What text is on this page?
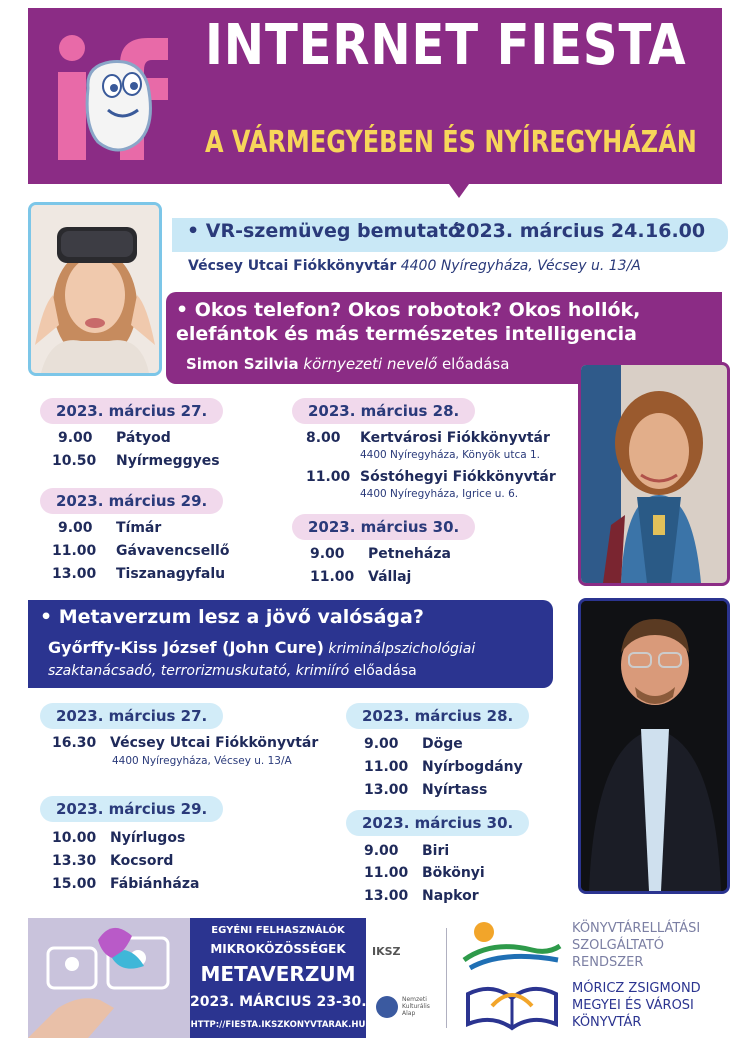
INTERNET FIESTA
A VÁRMEGYÉBEN ÉS NYÍREGYHÁZÁN
• VR-szemüveg bemutató
2023. március 24. 16.00
Vécsey Utcai Fiókkönyvtár 4400 Nyíregyháza, Vécsey u. 13/A
• Okos telefon? Okos robotok? Okos hollók, elefántok és más természetes intelligencia
Simon Szilvia környezeti nevelő előadása
2023. március 27.
9.00 Pátyod
10.50 Nyírmeggyes
2023. március 29.
9.00 Tímár
11.00 Gávavencsellő
13.00 Tiszanagyfalu
2023. március 28.
8.00 Kertvárosi Fiókkönyvtár
4400 Nyíregyháza, Könyök utca 1.
11.00 Sóstóhegyi Fiókkönyvtár
4400 Nyíregyháza, Igrice u. 6.
2023. március 30.
9.00 Petneháza
11.00 Vállaj
• Metaverzum lesz a jövő valósága?
Győrffy-Kiss József (John Cure) kriminálpszichológiai
szaktanácsadó, terrorizmuskutató, krimiíró előadása
2023. március 27.
16.30 Vécsey Utcai Fiókkönyvtár
4400 Nyíregyháza, Vécsey u. 13/A
2023. március 29.
10.00 Nyírlugos
13.30 Kocsord
15.00 Fábiánháza
2023. március 28.
9.00 Döge
11.00 Nyírbogdány
13.00 Nyírtass
2023. március 30.
9.00 Biri
11.00 Bökönyi
13.00 Napkor
EGYÉNI FELHASZNÁLÓK
MIKROKÖZÖSSÉGEK
METAVERZUM
2023. MÁRCIUS 23-30.
HTTP://FIESTA.IKSZKONYVTARAK.HU
IKSZ
Nemzeti Kulturális Alap
KÖNYVTÁRELLÁTÁSI
SZOLGÁLTATÓ
RENDSZER
MÓRICZ ZSIGMOND
MEGYEI ÉS VÁROSI
KÖNYVTÁR
